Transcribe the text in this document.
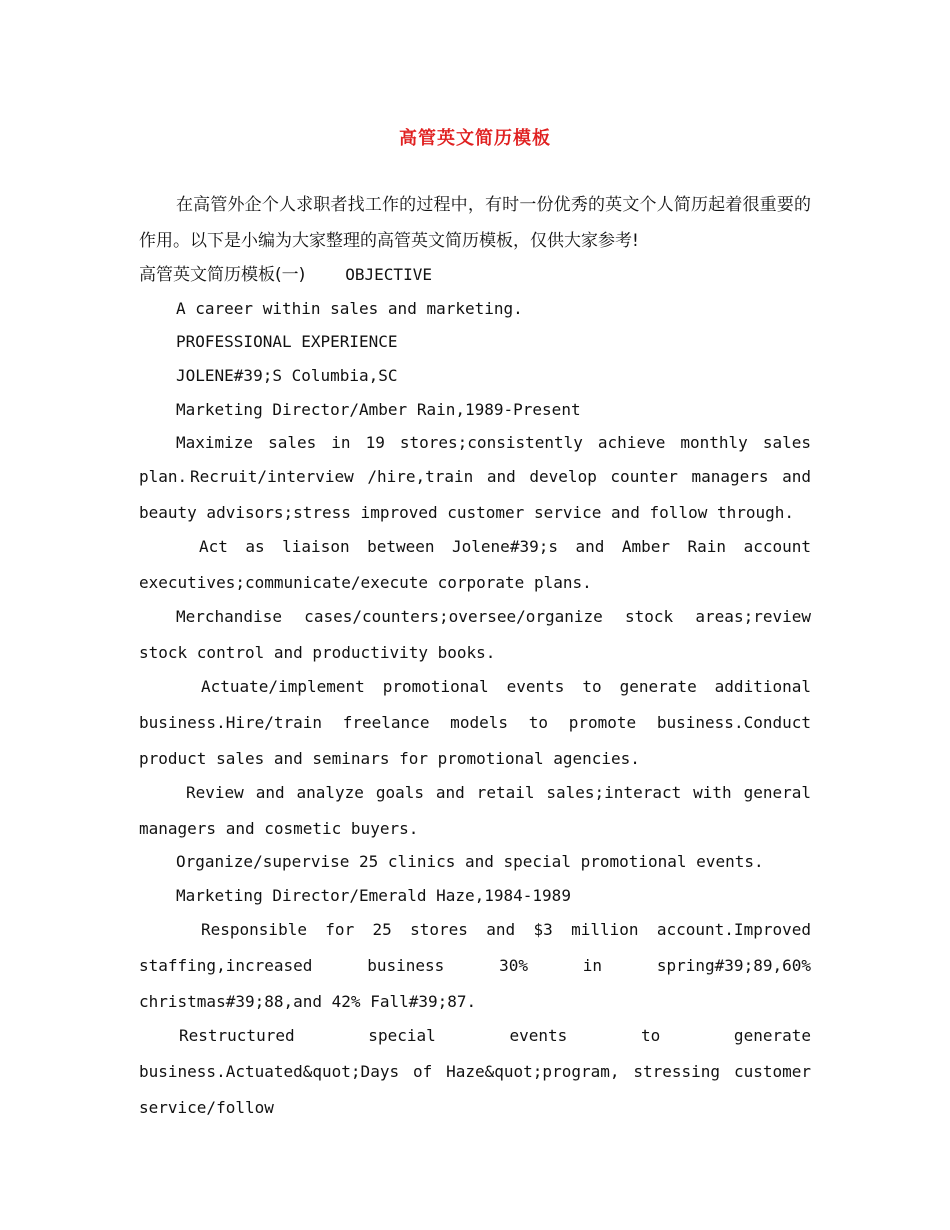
高管英文简历模板

在高管外企个人求职者找工作的过程中，有时一份优秀的英文个人简历起着很重要的作用。以下是小编为大家整理的高管英文简历模板，仅供大家参考!

高管英文简历模板(一)	OBJECTIVE

A career within sales and marketing.

PROFESSIONAL EXPERIENCE

JOLENE#39;S Columbia,SC

Marketing Director/Amber Rain,1989-Present

Maximize sales in 19 stores;consistently achieve monthly sales plan. Recruit/interview /hire,train and develop counter managers and beauty advisors;stress improved customer service and follow through.

Act as liaison between Jolene#39;s and Amber Rain account executives;communicate/execute corporate plans.

Merchandise cases/counters;oversee/organize stock areas;review stock control and productivity books.

Actuate/implement promotional events to generate additional business.Hire/train freelance models to promote business.Conduct product sales and seminars for promotional agencies.

Review and analyze goals and retail sales;interact with general managers and cosmetic buyers.

Organize/supervise 25 clinics and special promotional events.

Marketing Director/Emerald Haze,1984-1989

Responsible for 25 stores and $3 million account.Improved staffing,increased business 30% in spring#39;89,60% christmas#39;88,and 42% Fall#39;87.

Restructured special events to generate business.Actuated&quot;Days of Haze&quot;program, stressing customer service/follow
